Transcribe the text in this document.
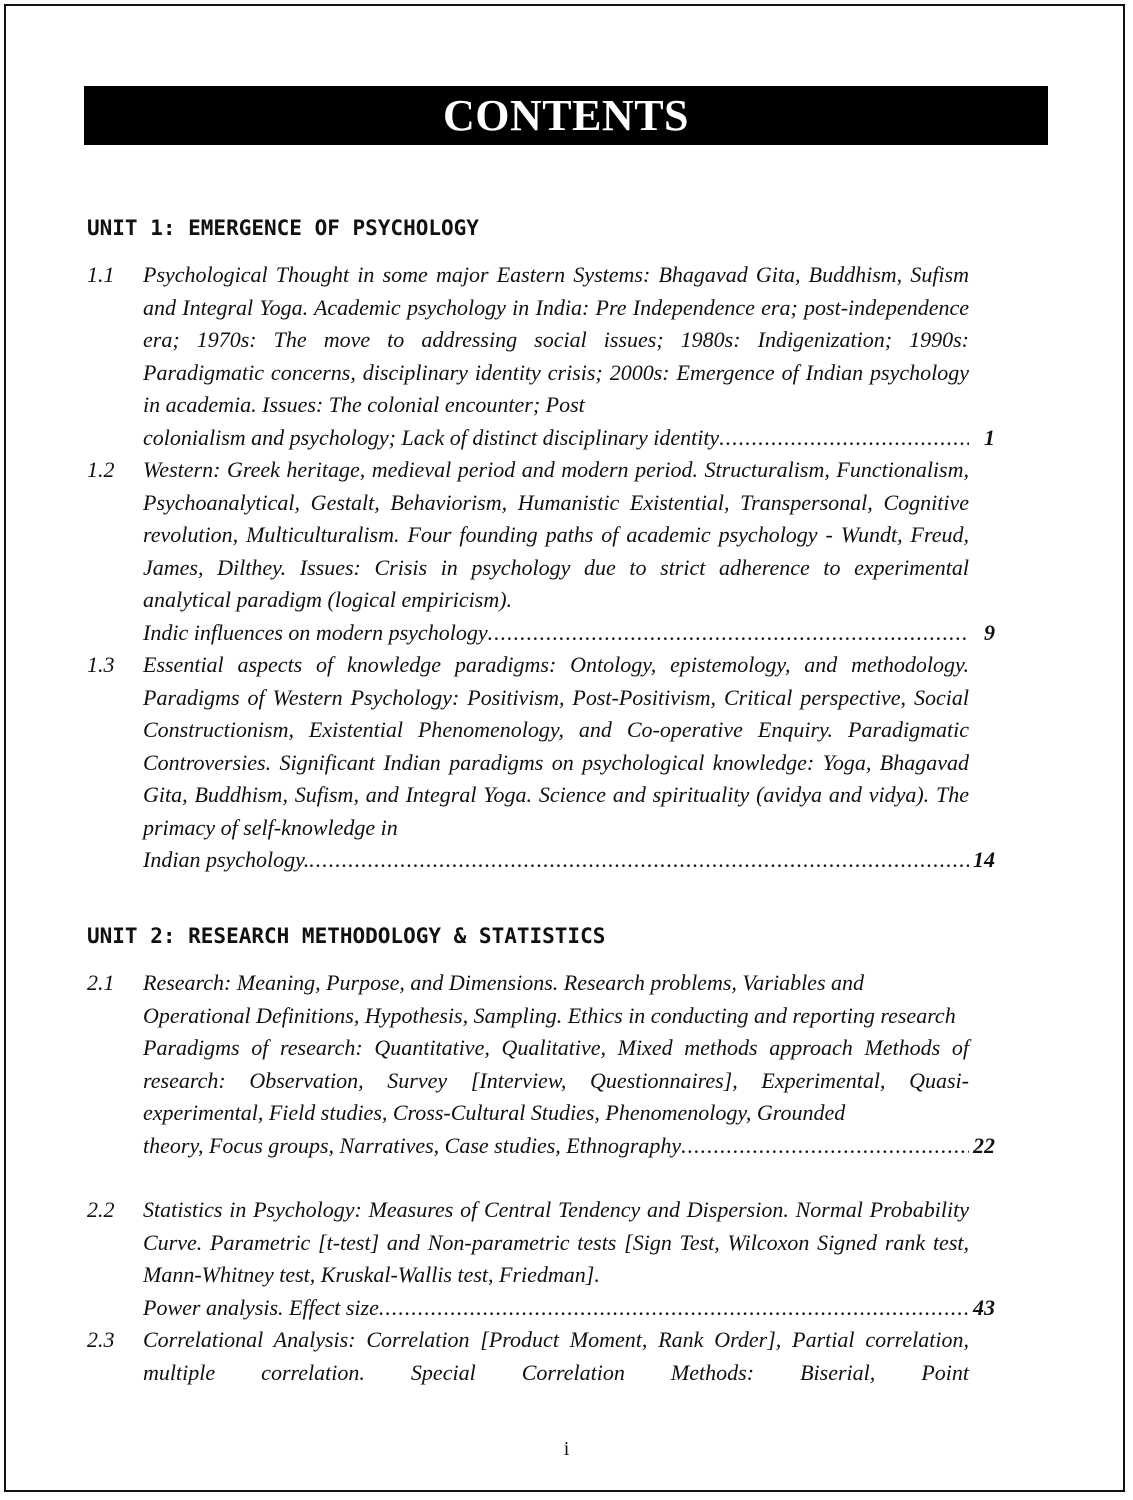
CONTENTS
UNIT 1: EMERGENCE OF PSYCHOLOGY
1.1	Psychological Thought in some major Eastern Systems: Bhagavad Gita, Buddhism, Sufism and Integral Yoga. Academic psychology in India: Pre Independence era; post-independence era; 1970s: The move to addressing social issues; 1980s: Indigenization; 1990s: Paradigmatic concerns, disciplinary identity crisis; 2000s: Emergence of Indian psychology in academia. Issues: The colonial encounter; Post

colonialism and psychology; Lack of distinct disciplinary identity .....	1
1.2	Western: Greek heritage, medieval period and modern period. Structuralism, Functionalism, Psychoanalytical, Gestalt, Behaviorism, Humanistic Existential, Transpersonal, Cognitive revolution, Multiculturalism. Four founding paths of academic psychology - Wundt, Freud, James, Dilthey. Issues: Crisis in psychology due to strict adherence to experimental analytical paradigm (logical empiricism).

Indic influences on modern psychology .....	9
1.3	Essential aspects of knowledge paradigms: Ontology, epistemology, and methodology. Paradigms of Western Psychology: Positivism, Post-Positivism, Critical perspective, Social Constructionism, Existential Phenomenology, and Co-operative Enquiry. Paradigmatic Controversies. Significant Indian paradigms on psychological knowledge: Yoga, Bhagavad Gita, Buddhism, Sufism, and Integral Yoga. Science and spirituality (avidya and vidya). The primacy of self-knowledge in

Indian psychology. .....	14
UNIT 2: RESEARCH METHODOLOGY & STATISTICS
2.1	Research: Meaning, Purpose, and Dimensions. Research problems, Variables and Operational Definitions, Hypothesis, Sampling. Ethics in conducting and reporting research

Paradigms of research: Quantitative, Qualitative, Mixed methods approach Methods of research: Observation, Survey [Interview, Questionnaires], Experimental, Quasi-experimental, Field studies, Cross-Cultural Studies, Phenomenology, Grounded

theory, Focus groups, Narratives, Case studies, Ethnography .....	22
2.2	Statistics in Psychology: Measures of Central Tendency and Dispersion. Normal Probability Curve. Parametric [t-test] and Non-parametric tests [Sign Test, Wilcoxon Signed rank test, Mann-Whitney test, Kruskal-Wallis test, Friedman].

Power analysis. Effect size .....	43
2.3	Correlational Analysis: Correlation [Product Moment, Rank Order], Partial correlation, multiple correlation. Special Correlation Methods: Biserial, Point

i
